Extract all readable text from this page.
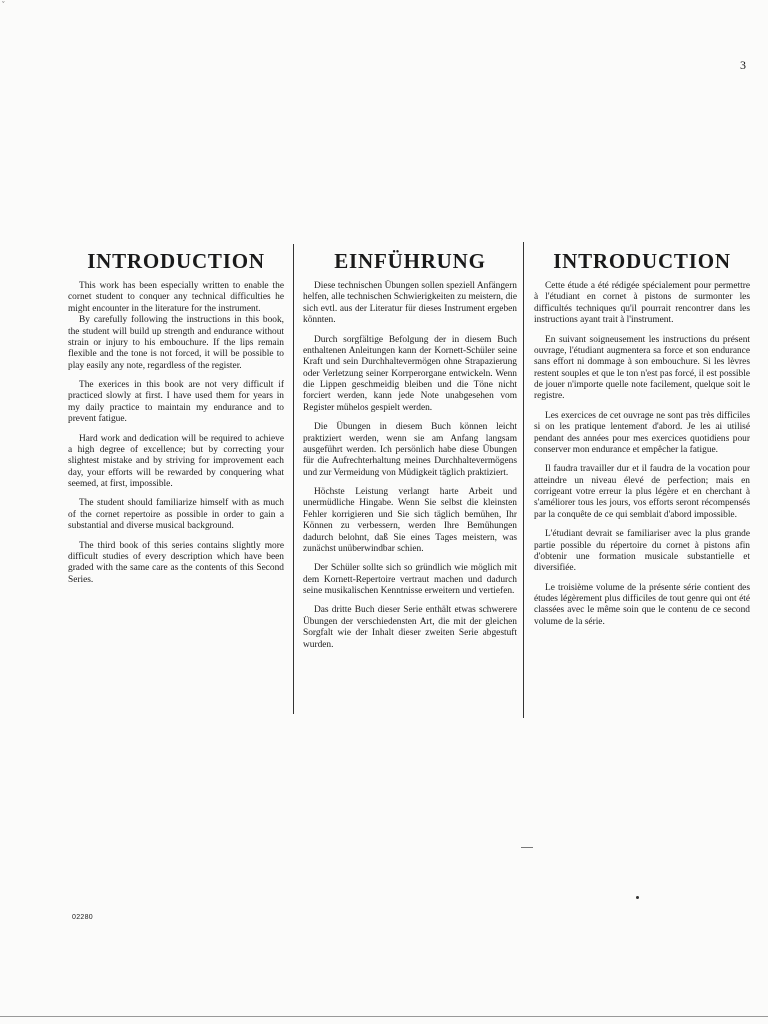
ˇ
3
INTRODUCTION

This work has been especially written to enable the cornet student to conquer any technical difficulties he might encounter in the literature for the instrument.

By carefully following the instructions in this book, the student will build up strength and endurance without strain or injury to his embouchure. If the lips remain flexible and the tone is not forced, it will be possible to play easily any note, regardless of the register.

The exerices in this book are not very difficult if practiced slowly at first. I have used them for years in my daily practice to maintain my endurance and to prevent fatigue.

Hard work and dedication will be required to achieve a high degree of excellence; but by correcting your slightest mistake and by striving for improvement each day, your efforts will be rewarded by conquering what seemed, at first, impossible.

The student should familiarize himself with as much of the cornet repertoire as possible in order to gain a substantial and diverse musical background.

The third book of this series contains slightly more difficult studies of every description which have been graded with the same care as the contents of this Second Series.

EINFÜHRUNG

Diese technischen Übungen sollen speziell Anfängern helfen, alle technischen Schwierigkeiten zu meistern, die sich evtl. aus der Literatur für dieses Instrument ergeben könnten.

Durch sorgfältige Befolgung der in diesem Buch enthaltenen Anleitungen kann der Kornett-Schüler seine Kraft und sein Durchhaltevermögen ohne Strapazierung oder Verletzung seiner Korrperorgane entwickeln. Wenn die Lippen geschmeidig bleiben und die Töne nicht forciert werden, kann jede Note unabgesehen vom Register mühelos gespielt werden.

Die Übungen in diesem Buch können leicht praktiziert werden, wenn sie am Anfang langsam ausgeführt werden. Ich persönlich habe diese Übungen für die Aufrechterhaltung meines Durchhaltevermögens und zur Vermeidung von Müdigkeit täglich praktiziert.

Höchste Leistung verlangt harte Arbeit und unermüdliche Hingabe. Wenn Sie selbst die kleinsten Fehler korrigieren und Sie sich täglich bemühen, Ihr Können zu verbessern, werden Ihre Bemühungen dadurch belohnt, daß Sie eines Tages meistern, was zunächst unüberwindbar schien.

Der Schüler sollte sich so gründlich wie möglich mit dem Kornett-Repertoire vertraut machen und dadurch seine musikalischen Kenntnisse erweitern und vertiefen.

Das dritte Buch dieser Serie enthält etwas schwerere Übungen der verschiedensten Art, die mit der gleichen Sorgfalt wie der Inhalt dieser zweiten Serie abgestuft wurden.

INTRODUCTION

Cette étude a été rédigée spécialement pour permettre à l'étudiant en cornet à pistons de surmonter les difficultés techniques qu'il pourrait rencontrer dans les instructions ayant trait à l'instrument.

En suivant soigneusement les instructions du présent ouvrage, l'étudiant augmentera sa force et son endurance sans effort ni dommage à son embouchure. Si les lèvres restent souples et que le ton n'est pas forcé, il est possible de jouer n'importe quelle note facilement, quelque soit le registre.

Les exercices de cet ouvrage ne sont pas très difficiles si on les pratique lentement d'abord. Je les ai utilisé pendant des années pour mes exercices quotidiens pour conserver mon endurance et empêcher la fatigue.

Il faudra travailler dur et il faudra de la vocation pour atteindre un niveau élevé de perfection; mais en corrigeant votre erreur la plus légère et en cherchant à s'améliorer tous les jours, vos efforts seront récompensés par la conquête de ce qui semblait d'abord impossible.

L'étudiant devrait se familiariser avec la plus grande partie possible du répertoire du cornet à pistons afin d'obtenir une formation musicale substantielle et diversifiée.

Le troisième volume de la présente série contient des études légèrement plus difficiles de tout genre qui ont été classées avec le même soin que le contenu de ce second volume de la série.

02280
